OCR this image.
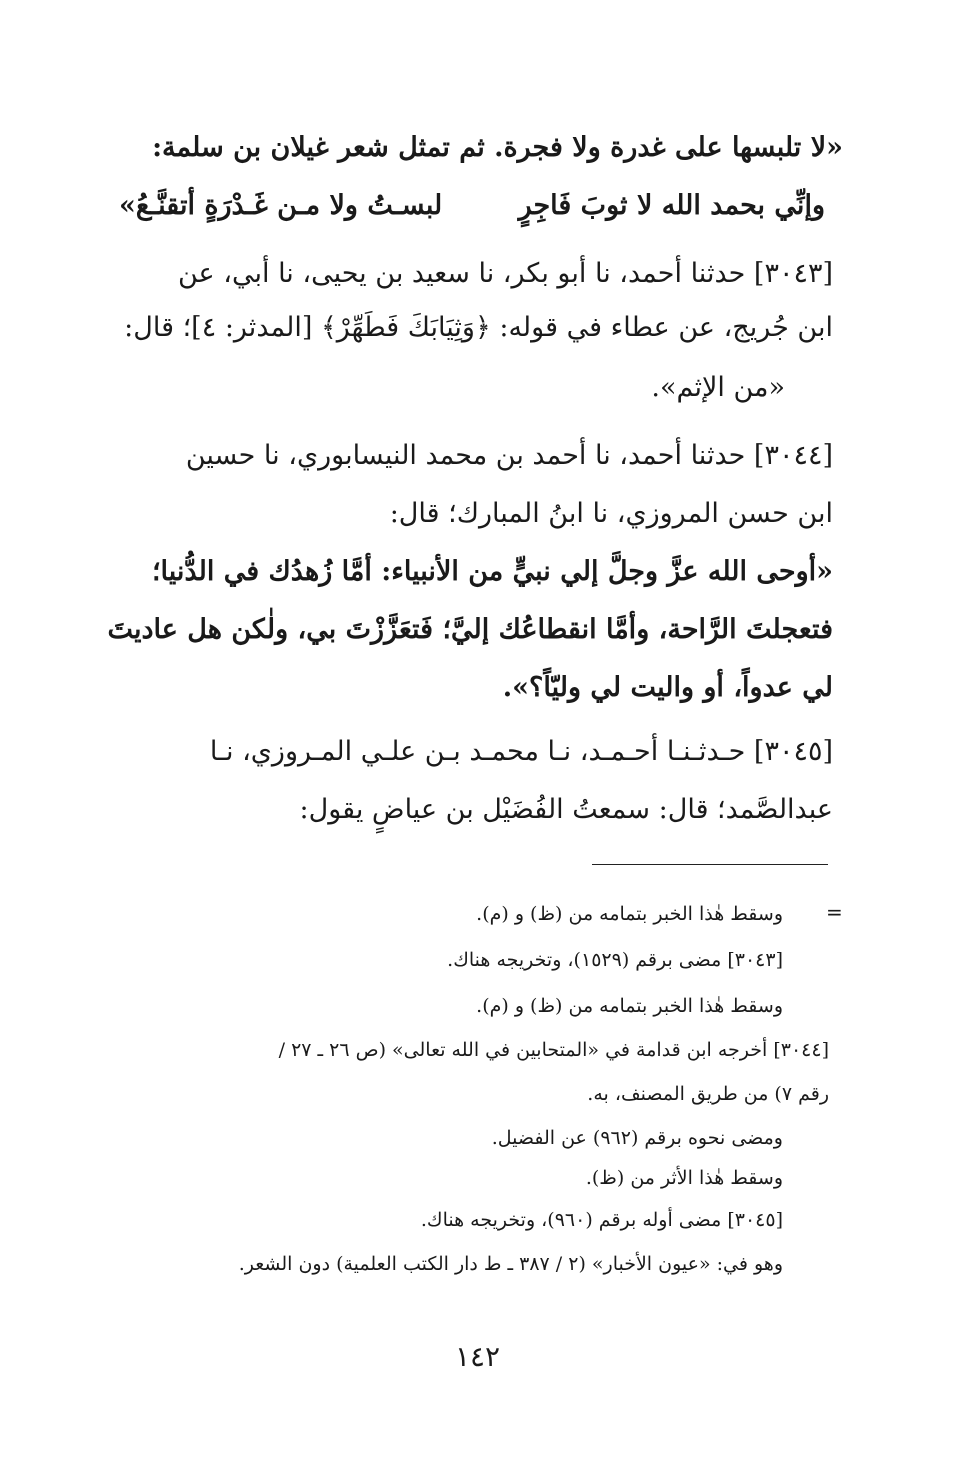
«لا تلبسها على غدرة ولا فجرة. ثم تمثل شعر غيلان بن سلمة:

وإنِّي بحمد الله لا ثوبَ فَاجِرٍ
لبسـتُ ولا مـن غَـدْرَةٍ أتقنَّـعُ»

[٣٠٤٣] حدثنا أحمد، نا أبو بكر، نا سعيد بن يحيى، نا أبي، عن

ابن جُريج، عن عطاء في قوله: ﴿وَثِيَابَكَ فَطَهِّرْ﴾ [المدثر: ٤]؛ قال:

«من الإثم».

[٣٠٤٤] حدثنا أحمد، نا أحمد بن محمد النيسابوري، نا حسين

ابن حسن المروزي، نا ابنُ المبارك؛ قال:

«أوحى الله عزَّ وجلَّ إلي نبيٍّ من الأنبياء: أمَّا زُهدُك في الدُّنيا؛

فتعجلتَ الرَّاحة، وأمَّا انقطاعُك إليَّ؛ فَتعَزَّزْتَ بي، ولٰكن هل عاديتَ

لي عدواً، أو واليت لي وليّاً؟».

[٣٠٤٥] حـدثـنـا أحـمـد، نـا محمـد بـن علـي المـروزي، نـا

عبدالصَّمد؛ قال: سمعتُ الفُضَيْل بن عياضٍ يقول:

=

وسقط هٰذا الخبر بتمامه من (ظ) و (م).

[٣٠٤٣] مضى برقم (١٥٢٩)، وتخريجه هناك.

وسقط هٰذا الخبر بتمامه من (ظ) و (م).

[٣٠٤٤] أخرجه ابن قدامة في «المتحابين في الله تعالى» (ص ٢٦ ـ ٢٧ /

رقم ٧) من طريق المصنف، به.

ومضى نحوه برقم (٩٦٢) عن الفضيل.

وسقط هٰذا الأثر من (ظ).

[٣٠٤٥] مضى أوله برقم (٩٦٠)، وتخريجه هناك.

وهو في: «عيون الأخبار» (٢ / ٣٨٧ ـ ط دار الكتب العلمية) دون الشعر.

١٤٢
